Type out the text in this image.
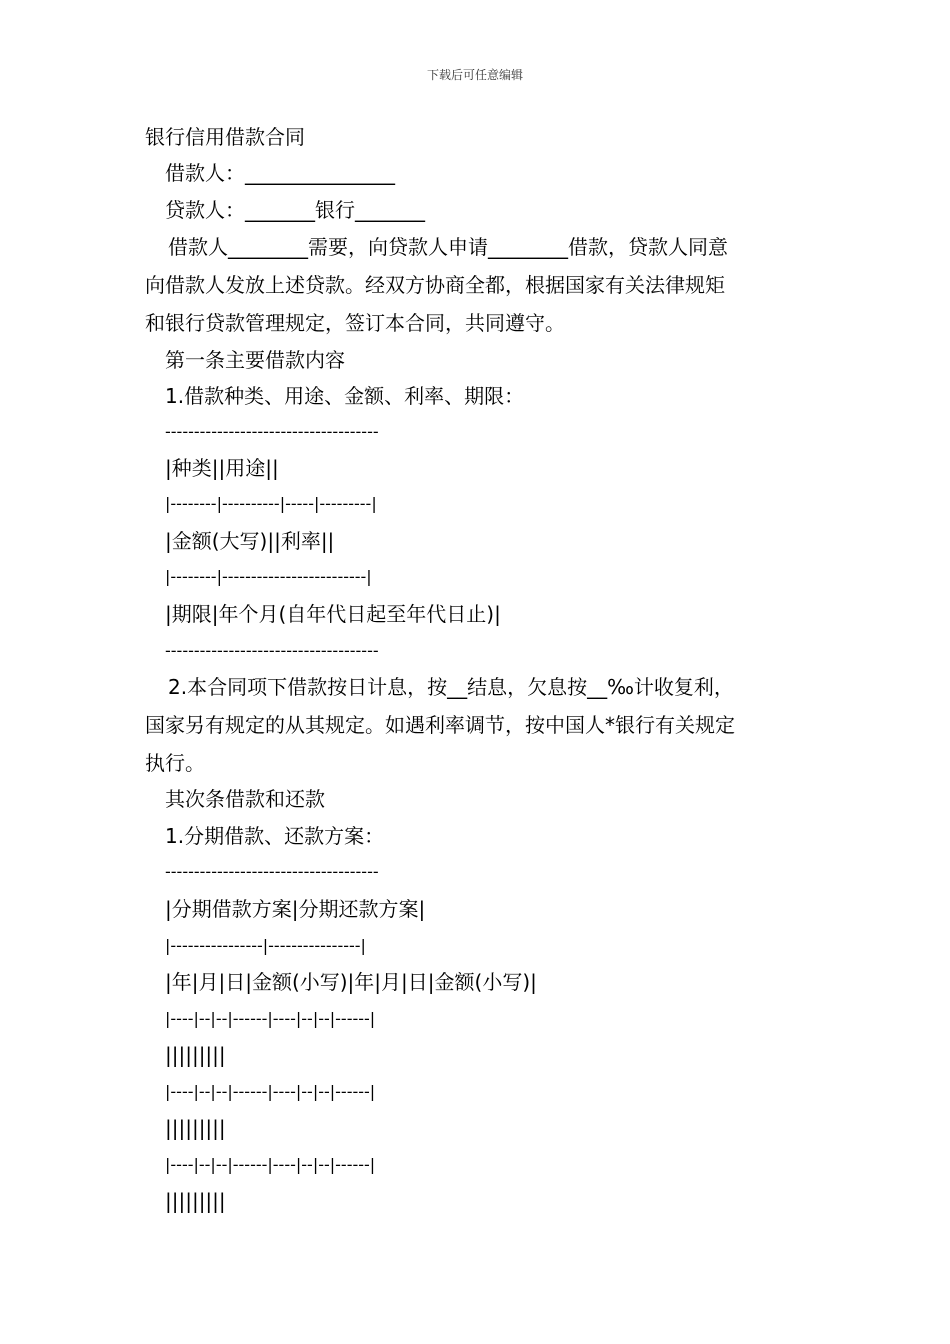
下载后可任意编辑
银行信用借款合同
借款人：_______________
贷款人：_______银行_______
借款人________需要，向贷款人申请________借款，贷款人同意
向借款人发放上述贷款。经双方协商全都，根据国家有关法律规矩
和银行贷款管理规定，签订本合同，共同遵守。
第一条主要借款内容
1.借款种类、用途、金额、利率、期限：
-------------------------------------
|种类||用途||
|--------|----------|-----|---------|
|金额(大写)||利率||
|--------|-------------------------|
|期限|年个月(自年代日起至年代日止)|
-------------------------------------
2.本合同项下借款按日计息，按__结息，欠息按__‰计收复利，
国家另有规定的从其规定。如遇利率调节，按中国人*银行有关规定
执行。
其次条借款和还款
1.分期借款、还款方案：
-------------------------------------
|分期借款方案|分期还款方案|
|----------------|----------------|
|年|月|日|金额(小写)|年|月|日|金额(小写)|
|----|--|--|------|----|--|--|------|
|||||||||
|----|--|--|------|----|--|--|------|
|||||||||
|----|--|--|------|----|--|--|------|
|||||||||
